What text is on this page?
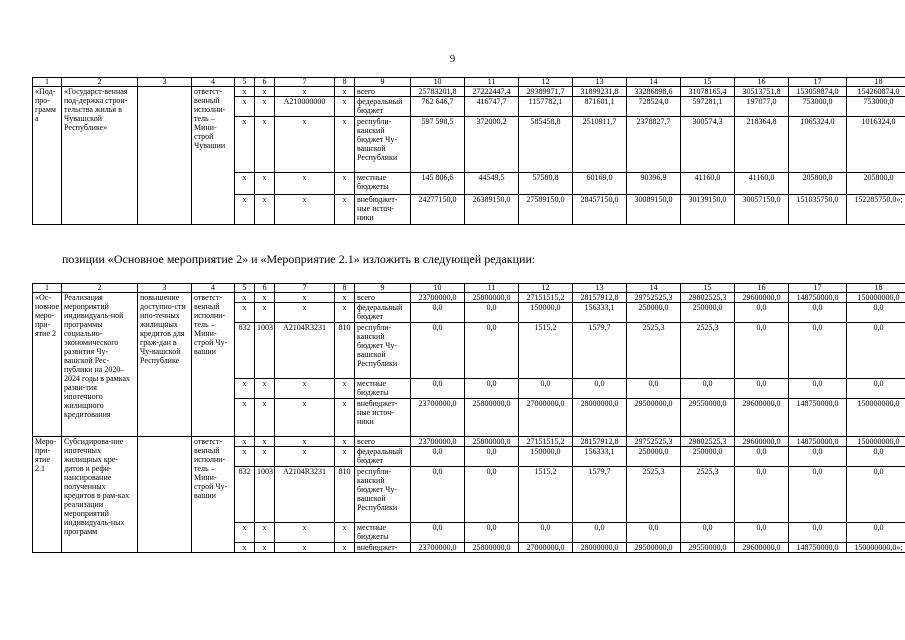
9
1	2	3	4	5	6	7	8	9	10	11	12	13	14	15	16	17	18
«Под-про-грамма	«Государст-венная под-держка строи-тельства жилья в Чувашской Республике»		ответст-венный исполни-тель – Мини-строй Чувашии	x	x	x	x	всего	25783201,8	27222447,4	29389971,7	31899231,8	33286898,6	31078165,4	30513751,8	153059874,0	154260874,0
				x	x	A210000000	x	федеральный бюджет	762 646,7	416747,7	1157782,1	871601,1	728524,0	597281,1	197077,0	753000,0	753000,0
				x	x	x	x	республи-канский бюджет Чу-вашской Республики	597 598,5	372000,2	585458,8	2510911,7	2378827,7	300574,3	218364,8	1065324,0	1016324,0
				x	x	x	x	местные бюджеты	145 806,6	44549,5	57580,8	60169,0	90396,9	41160,0	41160,0	205800,0	205800,0
				x	x	x	x	внебюджет-ные источ-ники	24277150,0	26389150,0	27589150,0	28457150,0	30089150,0	30139150,0	30057150,0	151035750,0	152285750,0»;
позиции «Основное мероприятие 2» и «Мероприятие 2.1» изложить в следующей редакции:
1	2	3	4	5	6	7	8	9	10	11	12	13	14	15	16	17	18
«Ос-новное меро-при-ятие 2	Реализация мероприятий индивидуаль-ной программы социально-экономического развития Чу-вашской Рес-публики на 2020–2024 годы в рамках разви-тия ипотечного жилищного кредитования	повышение доступно-сти ипо-течных жилищных кредитов для граж-дан в Чу-вашской Республике	ответст-венный исполни-тель – Мини-строй Чу-вашии	x	x	x	x	всего	23700000,0	25800000,0	27151515,2	28157912,8	29752525,3	29802525,3	29600000,0	148750000,0	150000000,0
				x	x	x	x	федеральный бюджет	0,0	0,0	150000,0	156333,1	250000,0	250000,0	0,0	0,0	0,0
				832	1003	A2104R3231	810	республи-канский бюджет Чу-вашской Республики	0,0	0,0	1515,2	1579,7	2525,3	2525,3	0,0	0,0	0,0
				x	x	x	x	местные бюджеты	0,0	0,0	0,0	0,0	0,0	0,0	0,0	0,0	0,0
				x	x	x	x	внебюджет-ные источ-ники	23700000,0	25800000,0	27000000,0	28000000,0	29500000,0	29550000,0	29600000,0	148750000,0	150000000,0
Меро-при-ятие 2.1	Субсидирова-ние ипотечных жилищных кре-дитов и рефи-нансирование полученных кредитов в рам-ках реализации мероприятий индивидуаль-ных программ		ответст-венный исполни-тель – Мини-строй Чу-вашии	x	x	x	x	всего	23700000,0	25800000,0	27151515,2	28157912,8	29752525,3	29802525,3	29600000,0	148750000,0	150000000,0
				x	x	x	x	федеральный бюджет	0,0	0,0	150000,0	156333,1	250000,0	250000,0	0,0	0,0	0,0
				832	1003	A2104R3231	810	республи-канский бюджет Чу-вашской Республики	0,0	0,0	1515,2	1579,7	2525,3	2525,3	0,0	0,0	0,0
				x	x	x	x	местные бюджеты	0,0	0,0	0,0	0,0	0,0	0,0	0,0	0,0	0,0
				x	x	x	x	внебюджет-	23700000,0	25800000,0	27000000,0	28000000,0	29500000,0	29550000,0	29600000,0	148750000,0	150000000,0»;
